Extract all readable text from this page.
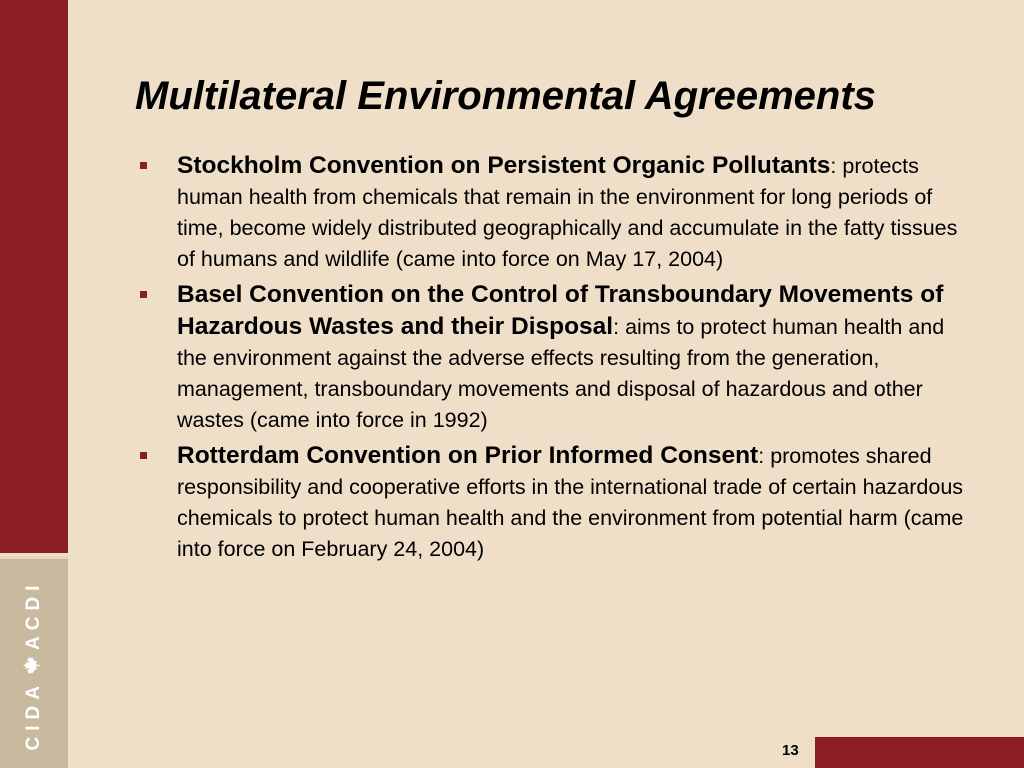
CIDA
ACDI
Multilateral Environmental Agreements
Stockholm Convention on Persistent Organic Pollutants: protects human health from chemicals that remain in the environment for long periods of time, become widely distributed geographically and accumulate in the fatty tissues of humans and wildlife (came into force on May 17, 2004)
Basel Convention on the Control of Transboundary Movements of Hazardous Wastes and their Disposal: aims to protect human health and the environment against the adverse effects resulting from the generation, management, transboundary movements and disposal of hazardous and other wastes (came into force in 1992)
Rotterdam Convention on Prior Informed Consent: promotes shared responsibility and cooperative efforts in the international trade of certain hazardous chemicals to protect human health and the environment from potential harm (came into force on February 24, 2004)
13
